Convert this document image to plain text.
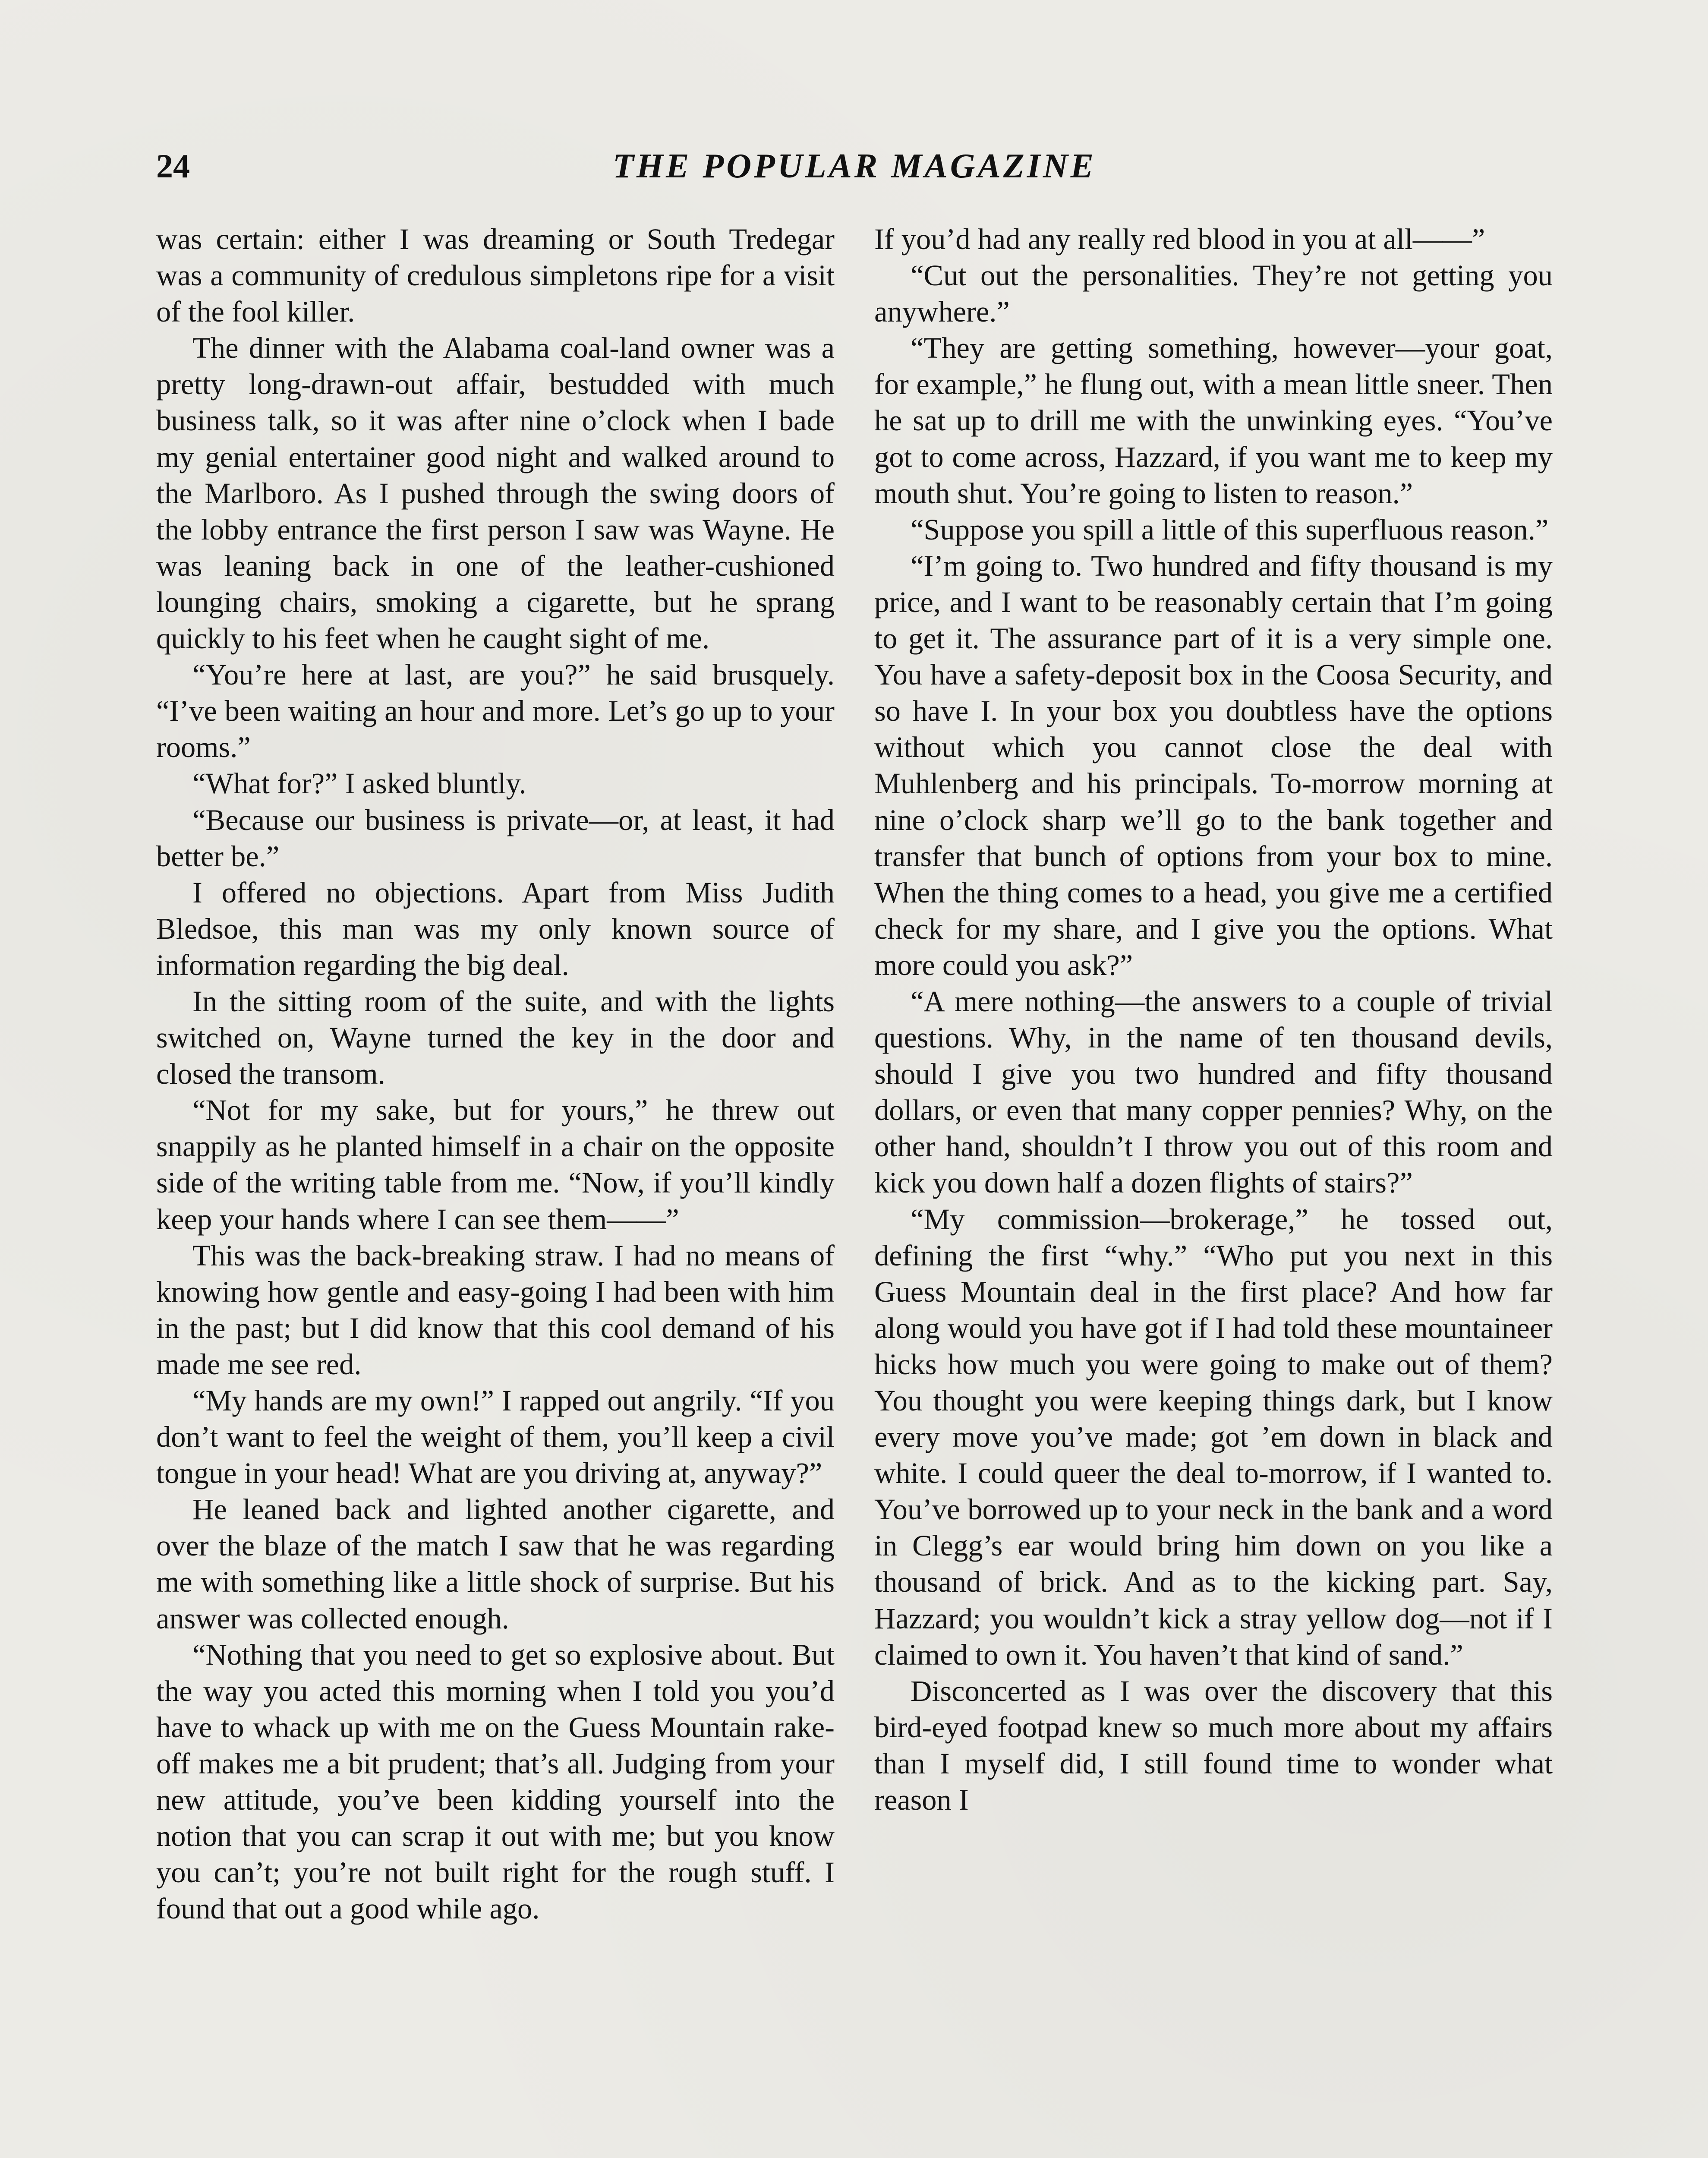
24	THE POPULAR MAGAZINE

was certain: either I was dreaming or South Tredegar was a community of credulous simpletons ripe for a visit of the fool killer.

The dinner with the Alabama coal-land owner was a pretty long-drawn-out affair, bestudded with much business talk, so it was after nine o’clock when I bade my genial entertainer good night and walked around to the Marlboro. As I pushed through the swing doors of the lobby entrance the first person I saw was Wayne. He was leaning back in one of the leather-cushioned lounging chairs, smoking a cigarette, but he sprang quickly to his feet when he caught sight of me.

“You’re here at last, are you?” he said brusquely. “I’ve been waiting an hour and more. Let’s go up to your rooms.”

“What for?” I asked bluntly.

“Because our business is private—or, at least, it had better be.”

I offered no objections. Apart from Miss Judith Bledsoe, this man was my only known source of information regarding the big deal.

In the sitting room of the suite, and with the lights switched on, Wayne turned the key in the door and closed the transom.

“Not for my sake, but for yours,” he threw out snappily as he planted himself in a chair on the opposite side of the writing table from me. “Now, if you’ll kindly keep your hands where I can see them——”

This was the back-breaking straw. I had no means of knowing how gentle and easy-going I had been with him in the past; but I did know that this cool demand of his made me see red.

“My hands are my own!” I rapped out angrily. “If you don’t want to feel the weight of them, you’ll keep a civil tongue in your head! What are you driving at, anyway?”

He leaned back and lighted another cigarette, and over the blaze of the match I saw that he was regarding me with something like a little shock of surprise. But his answer was collected enough.

“Nothing that you need to get so explosive about. But the way you acted this morning when I told you you’d have to whack up with me on the Guess Mountain rake-off makes me a bit prudent; that’s all. Judging from your new attitude, you’ve been kidding yourself into the notion that you can scrap it out with me; but you know you can’t; you’re not built right for the rough stuff. I found that out a good while ago.

If you’d had any really red blood in you at all——”

“Cut out the personalities. They’re not getting you anywhere.”

“They are getting something, however—your goat, for example,” he flung out, with a mean little sneer. Then he sat up to drill me with the unwinking eyes. “You’ve got to come across, Hazzard, if you want me to keep my mouth shut. You’re going to listen to reason.”

“Suppose you spill a little of this superfluous reason.”

“I’m going to. Two hundred and fifty thousand is my price, and I want to be reasonably certain that I’m going to get it. The assurance part of it is a very simple one. You have a safety-deposit box in the Coosa Security, and so have I. In your box you doubtless have the options without which you cannot close the deal with Muhlenberg and his principals. To-morrow morning at nine o’clock sharp we’ll go to the bank together and transfer that bunch of options from your box to mine. When the thing comes to a head, you give me a certified check for my share, and I give you the options. What more could you ask?”

“A mere nothing—the answers to a couple of trivial questions. Why, in the name of ten thousand devils, should I give you two hundred and fifty thousand dollars, or even that many copper pennies? Why, on the other hand, shouldn’t I throw you out of this room and kick you down half a dozen flights of stairs?”

“My commission—brokerage,” he tossed out, defining the first “why.” “Who put you next in this Guess Mountain deal in the first place? And how far along would you have got if I had told these mountaineer hicks how much you were going to make out of them? You thought you were keeping things dark, but I know every move you’ve made; got ’em down in black and white. I could queer the deal to-morrow, if I wanted to. You’ve borrowed up to your neck in the bank and a word in Clegg’s ear would bring him down on you like a thousand of brick. And as to the kicking part. Say, Hazzard; you wouldn’t kick a stray yellow dog—not if I claimed to own it. You haven’t that kind of sand.”

Disconcerted as I was over the discovery that this bird-eyed footpad knew so much more about my affairs than I myself did, I still found time to wonder what reason I
